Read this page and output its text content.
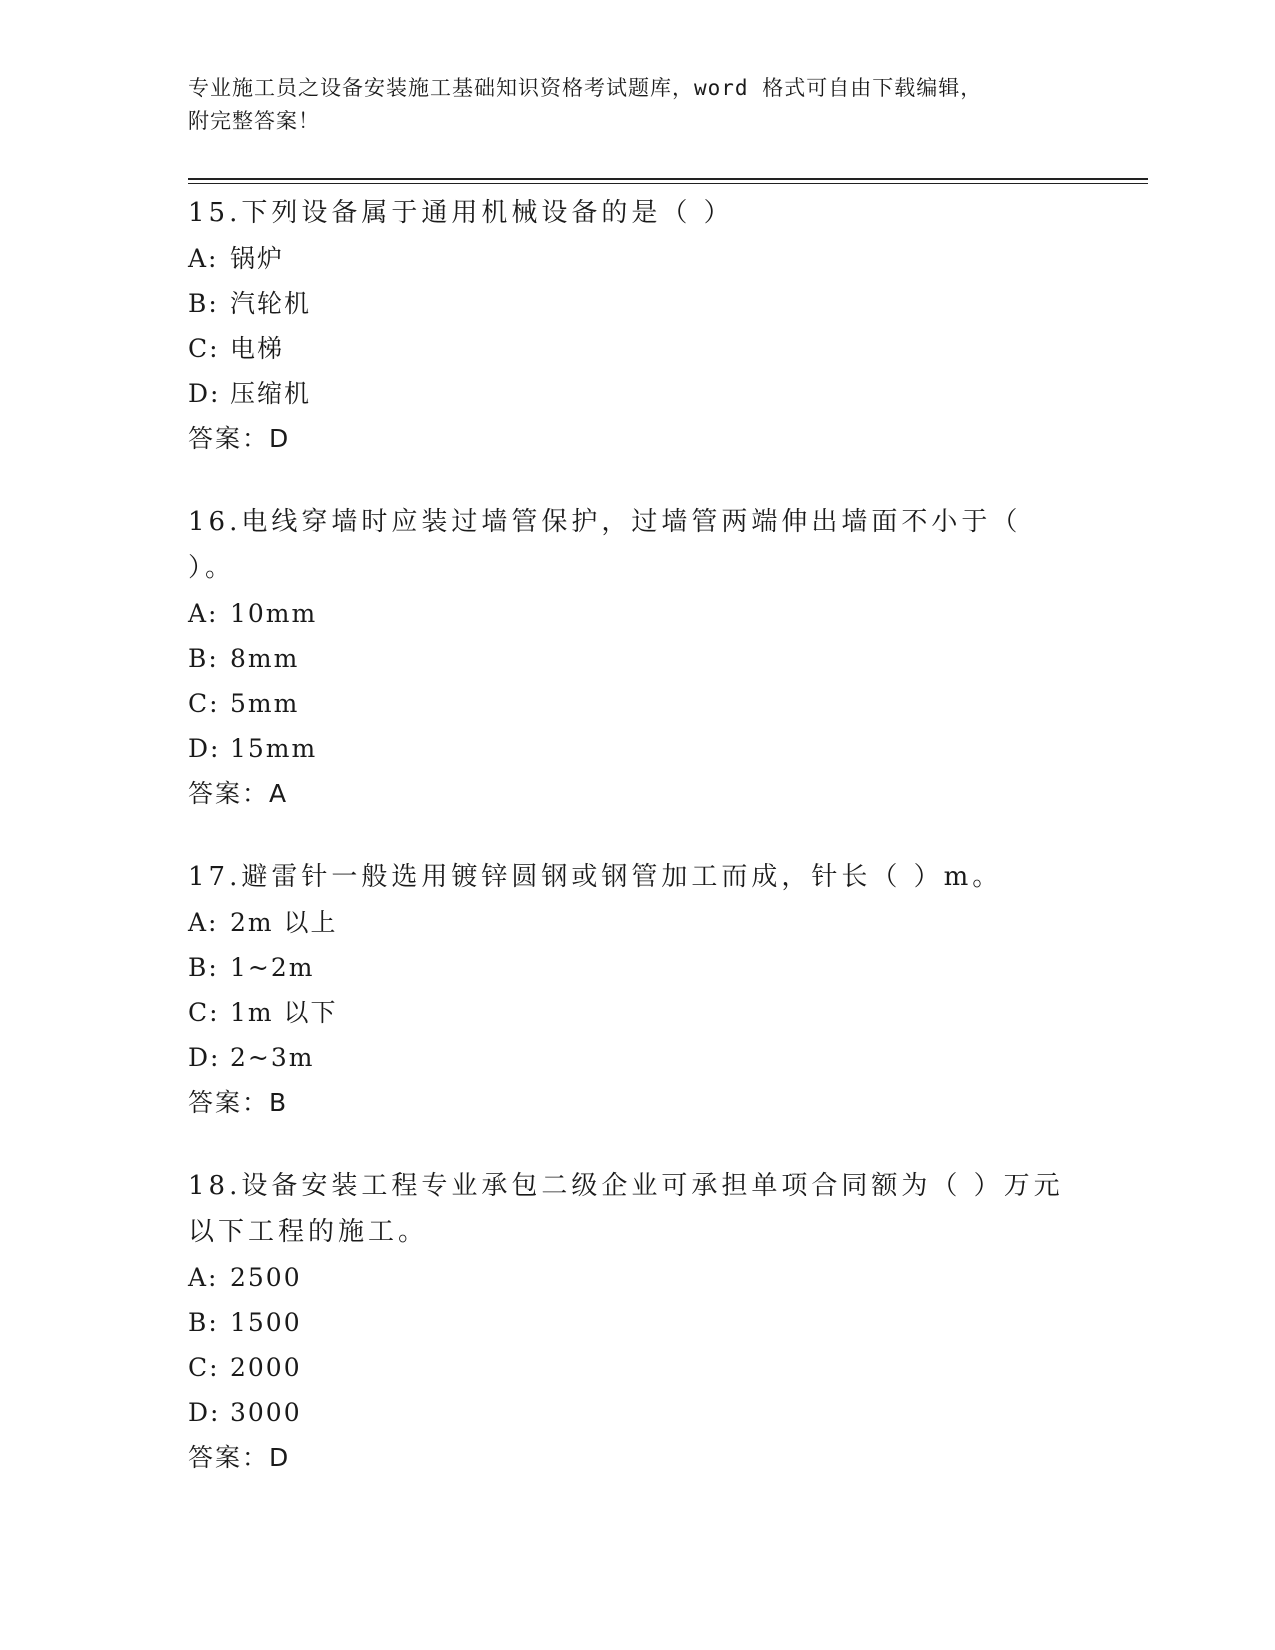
专业施工员之设备安装施工基础知识资格考试题库，word 格式可自由下载编辑，
附完整答案！
15.下列设备属于通用机械设备的是（ ）
A: 锅炉
B: 汽轮机
C: 电梯
D: 压缩机
答案：D
16.电线穿墙时应装过墙管保护，过墙管两端伸出墙面不小于（ ）。
A: 10mm
B: 8mm
C: 5mm
D: 15mm
答案：A
17.避雷针一般选用镀锌圆钢或钢管加工而成，针长（ ）m。
A: 2m 以上
B: 1~2m
C: 1m 以下
D: 2~3m
答案：B
18.设备安装工程专业承包二级企业可承担单项合同额为（ ）万元以下工程的施工。
A: 2500
B: 1500
C: 2000
D: 3000
答案：D
